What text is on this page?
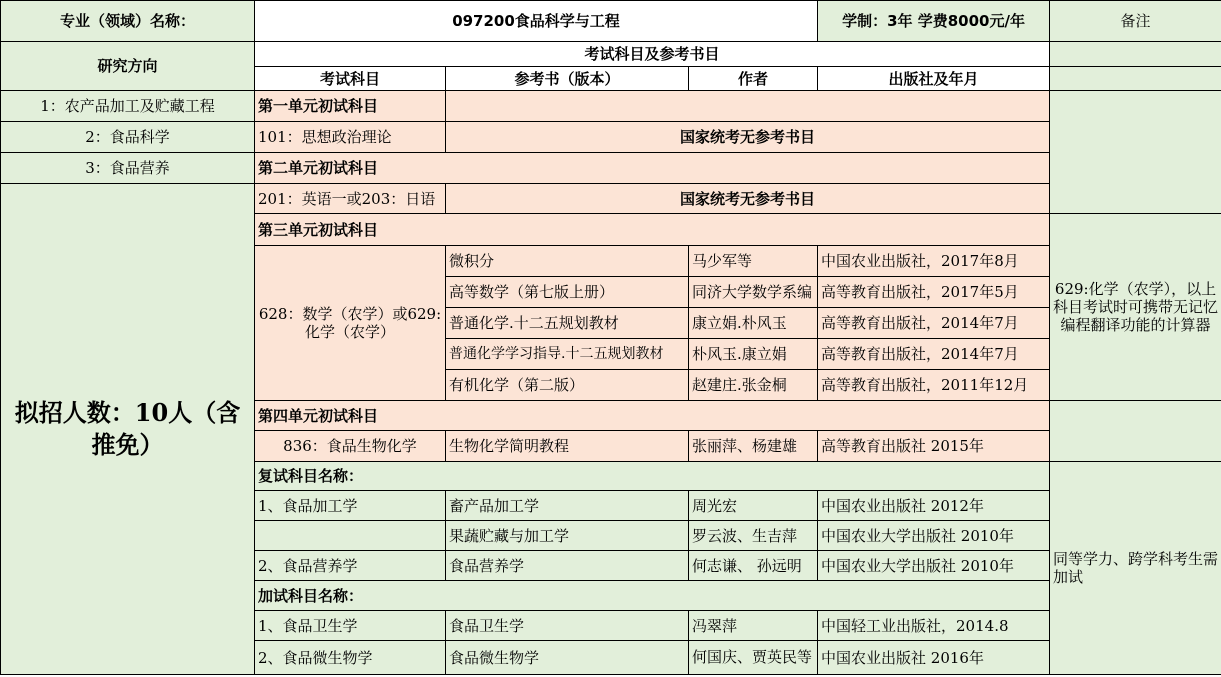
专业（领域）名称：	097200食品科学与工程			学制：3年 学费8000元/年	备注
研究方向	考试科目及参考书目				
	考试科目	参考书（版本）	作者	出版社及年月	
1：农产品加工及贮藏工程	第一单元初试科目				
2：食品科学	101：思想政治理论	国家统考无参考书目			
3：食品营养	第二单元初试科目				
拟招人数：10人（含推免）	201：英语一或203：日语	国家统考无参考书目			
	第三单元初试科目				629:化学（农学），以上科目考试时可携带无记忆编程翻译功能的计算器
	628：数学（农学）或629:化学（农学）	微积分	马少军等	中国农业出版社，2017年8月	
		高等数学（第七版上册）	同济大学数学系编	高等教育出版社，2017年5月	
		普通化学.十二五规划教材	康立娟.朴风玉	高等教育出版社，2014年7月	
		普通化学学习指导.十二五规划教材	朴风玉.康立娟	高等教育出版社，2014年7月	
		有机化学（第二版）	赵建庄.张金桐	高等教育出版社，2011年12月	
	第四单元初试科目				
	836：食品生物化学	生物化学简明教程	张丽萍、杨建雄	高等教育出版社 2015年	
	复试科目名称：				同等学力、跨学科考生需加试
	1、食品加工学	畜产品加工学	周光宏	中国农业出版社 2012年	
		果蔬贮藏与加工学	罗云波、生吉萍	中国农业大学出版社 2010年	
	2、食品营养学	食品营养学	何志谦、 孙远明	中国农业大学出版社 2010年	
	加试科目名称：				
	1、食品卫生学	食品卫生学	冯翠萍	中国轻工业出版社，2014.8	
	2、食品微生物学	食品微生物学	何国庆、贾英民等	中国农业出版社 2016年	
